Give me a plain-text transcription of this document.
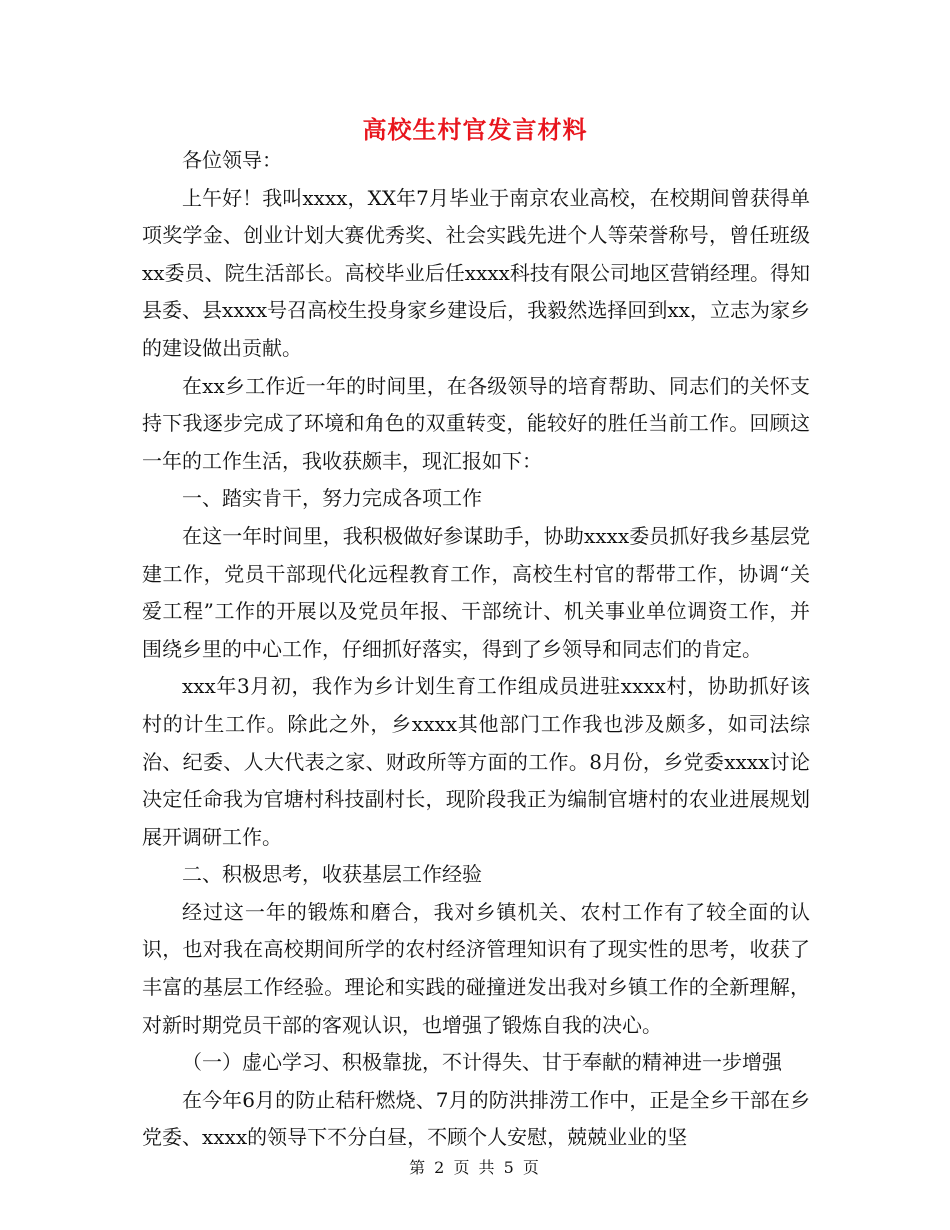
高校生村官发言材料

各位领导：

上午好！我叫xxxx，XX年7月毕业于南京农业高校，在校期间曾获得单项奖学金、创业计划大赛优秀奖、社会实践先进个人等荣誉称号，曾任班级xx委员、院生活部长。高校毕业后任xxxx科技有限公司地区营销经理。得知县委、县xxxx号召高校生投身家乡建设后，我毅然选择回到xx，立志为家乡的建设做出贡献。

在xx乡工作近一年的时间里，在各级领导的培育帮助、同志们的关怀支持下我逐步完成了环境和角色的双重转变，能较好的胜任当前工作。回顾这一年的工作生活，我收获颇丰，现汇报如下：

一、踏实肯干，努力完成各项工作

在这一年时间里，我积极做好参谋助手，协助xxxx委员抓好我乡基层党建工作，党员干部现代化远程教育工作，高校生村官的帮带工作，协调“关爱工程”工作的开展以及党员年报、干部统计、机关事业单位调资工作，并围绕乡里的中心工作，仔细抓好落实，得到了乡领导和同志们的肯定。

xxx年3月初，我作为乡计划生育工作组成员进驻xxxx村，协助抓好该村的计生工作。除此之外，乡xxxx其他部门工作我也涉及颇多，如司法综治、纪委、人大代表之家、财政所等方面的工作。8月份，乡党委xxxx讨论决定任命我为官塘村科技副村长，现阶段我正为编制官塘村的农业进展规划展开调研工作。

二、积极思考，收获基层工作经验

经过这一年的锻炼和磨合，我对乡镇机关、农村工作有了较全面的认识，也对我在高校期间所学的农村经济管理知识有了现实性的思考，收获了丰富的基层工作经验。理论和实践的碰撞迸发出我对乡镇工作的全新理解，对新时期党员干部的客观认识，也增强了锻炼自我的决心。

（一）虚心学习、积极靠拢，不计得失、甘于奉献的精神进一步增强

在今年6月的防止秸秆燃烧、7月的防洪排涝工作中，正是全乡干部在乡党委、xxxx的领导下不分白昼，不顾个人安慰，兢兢业业的坚

第 2 页 共 5 页
